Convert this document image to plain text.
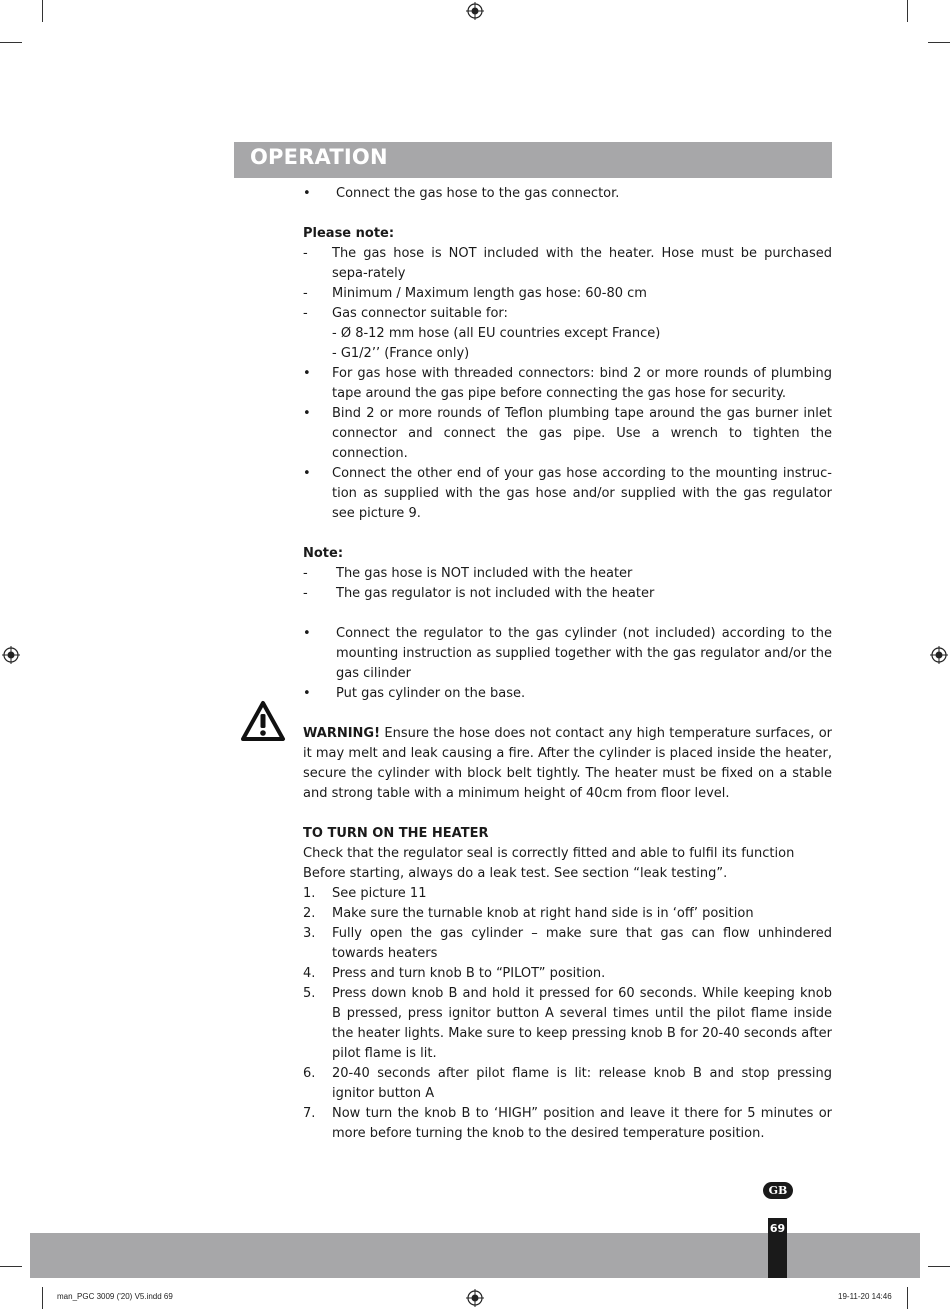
OPERATION
•	Connect the gas hose to the gas connector.
Please note:
-	The gas hose is NOT included with the heater. Hose must be purchased sepa-rately
-	Minimum / Maximum length gas hose: 60-80 cm
-	Gas connector suitable for:
- Ø 8-12 mm hose (all EU countries except France)
- G1/2’’ (France only)
•	For gas hose with threaded connectors: bind 2 or more rounds of plumbing tape around the gas pipe before connecting the gas hose for security.
•	Bind 2 or more rounds of Teflon plumbing tape around the gas burner inlet connector and connect the gas pipe. Use a wrench to tighten the connection.
•	Connect the other end of your gas hose according to the mounting instruc-tion as supplied with the gas hose and/or supplied with the gas regulator see picture 9.
Note:
-	The gas hose is NOT included with the heater
-	The gas regulator is not included with the heater
•	Connect the regulator to the gas cylinder (not included) according to the mounting instruction as supplied together with the gas regulator and/or the gas cilinder
•	Put gas cylinder on the base.
WARNING! Ensure the hose does not contact any high temperature surfaces, or it may melt and leak causing a fire. After the cylinder is placed inside the heater, secure the cylinder with block belt tightly. The heater must be fixed on a stable and strong table with a minimum height of 40cm from floor level.
TO TURN ON THE HEATER
Check that the regulator seal is correctly fitted and able to fulfil its function
Before starting, always do a leak test. See section “leak testing”.
1.	See picture 11
2.	Make sure the turnable knob at right hand side is in ‘off’ position
3.	Fully open the gas cylinder – make sure that gas can flow unhindered towards heaters
4.	Press and turn knob B to “PILOT” position.
5.	Press down knob B and hold it pressed for 60 seconds. While keeping knob B pressed, press ignitor button A several times until the pilot flame inside the heater lights. Make sure to keep pressing knob B for 20-40 seconds after pilot flame is lit.
6.	20-40 seconds after pilot flame is lit: release knob B and stop pressing ignitor button A
7.	Now turn the knob B to ‘HIGH” position and leave it there for 5 minutes or more before turning the knob to the desired temperature position.
GB
69
man_PGC 3009 ('20) V5.indd 69	19-11-20 14:46
